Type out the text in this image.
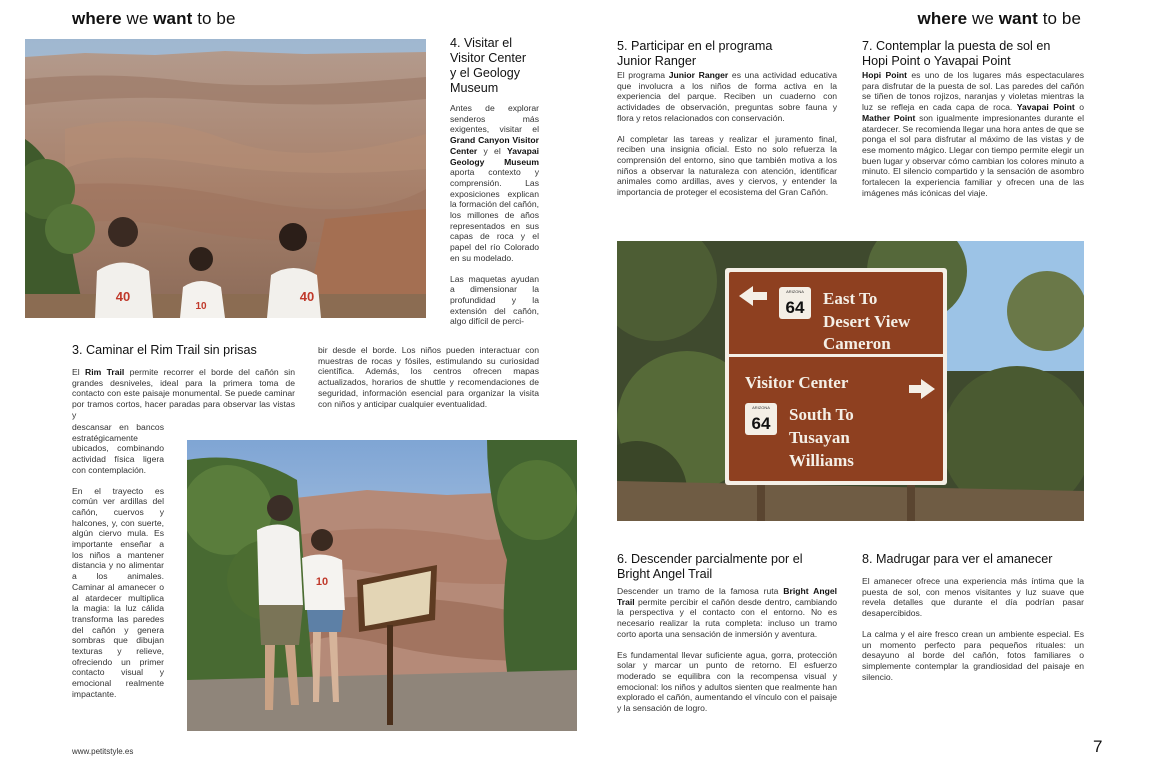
where we want to be	where we want to be
40
10
40
4. Visitar el
Visitor Center
y el Geology
Museum

Antes de explorar senderos más exigentes, visitar el Grand Canyon Visitor Center y el Yavapai Geology Museum aporta contexto y comprensión. Las exposiciones explican la formación del cañón, los millones de años representados en sus capas de roca y el papel del río Colorado en su modelado.

Las maquetas ayudan a dimensionar la profundidad y la extensión del cañón, algo difícil de perci-

bir desde el borde. Los niños pueden interactuar con muestras de rocas y fósiles, estimulando su curiosidad científica. Además, los centros ofrecen mapas actualizados, horarios de shuttle y recomendaciones de seguridad, información esencial para organizar la visita con niños y anticipar cualquier eventualidad.

3. Caminar el Rim Trail sin prisas

El Rim Trail permite recorrer el borde del cañón sin grandes desniveles, ideal para la primera toma de contacto con este paisaje monumental. Se puede caminar por tramos cortos, hacer paradas para observar las vistas y

descansar en bancos estratégicamente ubicados, combinando actividad física ligera con contemplación.

En el trayecto es común ver ardillas del cañón, cuervos y halcones, y, con suerte, algún ciervo mula. Es importante enseñar a los niños a mantener distancia y no alimentar a los animales. Caminar al amanecer o al atardecer multiplica la magia: la luz cálida transforma las paredes del cañón y genera sombras que dibujan texturas y relieve, ofreciendo un primer contacto visual y emocional realmente impactante.

10
5. Participar en el programa
Junior Ranger

El programa Junior Ranger es una actividad educativa que involucra a los niños de forma activa en la experiencia del parque. Reciben un cuaderno con actividades de observación, preguntas sobre fauna y flora y retos relacionados con conservación.

Al completar las tareas y realizar el juramento final, reciben una insignia oficial. Esto no solo refuerza la comprensión del entorno, sino que también motiva a los niños a observar la naturaleza con atención, identificar animales como ardillas, aves y ciervos, y entender la importancia de proteger el ecosistema del Gran Cañón.

7. Contemplar la puesta de sol en
Hopi Point o Yavapai Point

Hopi Point es uno de los lugares más espectaculares para disfrutar de la puesta de sol. Las paredes del cañón se tiñen de tonos rojizos, naranjas y violetas mientras la luz se refleja en cada capa de roca. Yavapai Point o Mather Point son igualmente impresionantes durante el atardecer. Se recomienda llegar una hora antes de que se ponga el sol para disfrutar al máximo de las vistas y de ese momento mágico. Llegar con tiempo permite elegir un buen lugar y observar cómo cambian los colores minuto a minuto. El silencio compartido y la sensación de asombro fortalecen la experiencia familiar y ofrecen una de las imágenes más icónicas del viaje.

ARIZONA
64
ARIZONA
64
East To
Desert View
Cameron
Visitor Center
South To
Tusayan
Williams
6. Descender parcialmente por el
Bright Angel Trail

Descender un tramo de la famosa ruta Bright Angel Trail permite percibir el cañón desde dentro, cambiando la perspectiva y el contacto con el entorno. No es necesario realizar la ruta completa: incluso un tramo corto aporta una sensación de inmersión y aventura.

Es fundamental llevar suficiente agua, gorra, protección solar y marcar un punto de retorno. El esfuerzo moderado se equilibra con la recompensa visual y emocional: los niños y adultos sienten que realmente han explorado el cañón, aumentando el vínculo con el paisaje y la sensación de logro.

8. Madrugar para ver el amanecer

El amanecer ofrece una experiencia más íntima que la puesta de sol, con menos visitantes y luz suave que revela detalles que durante el día podrían pasar desapercibidos.

La calma y el aire fresco crean un ambiente especial. Es un momento perfecto para pequeños rituales: un desayuno al borde del cañón, fotos familiares o simplemente contemplar la grandiosidad del paisaje en silencio.

www.petitstyle.es	7
